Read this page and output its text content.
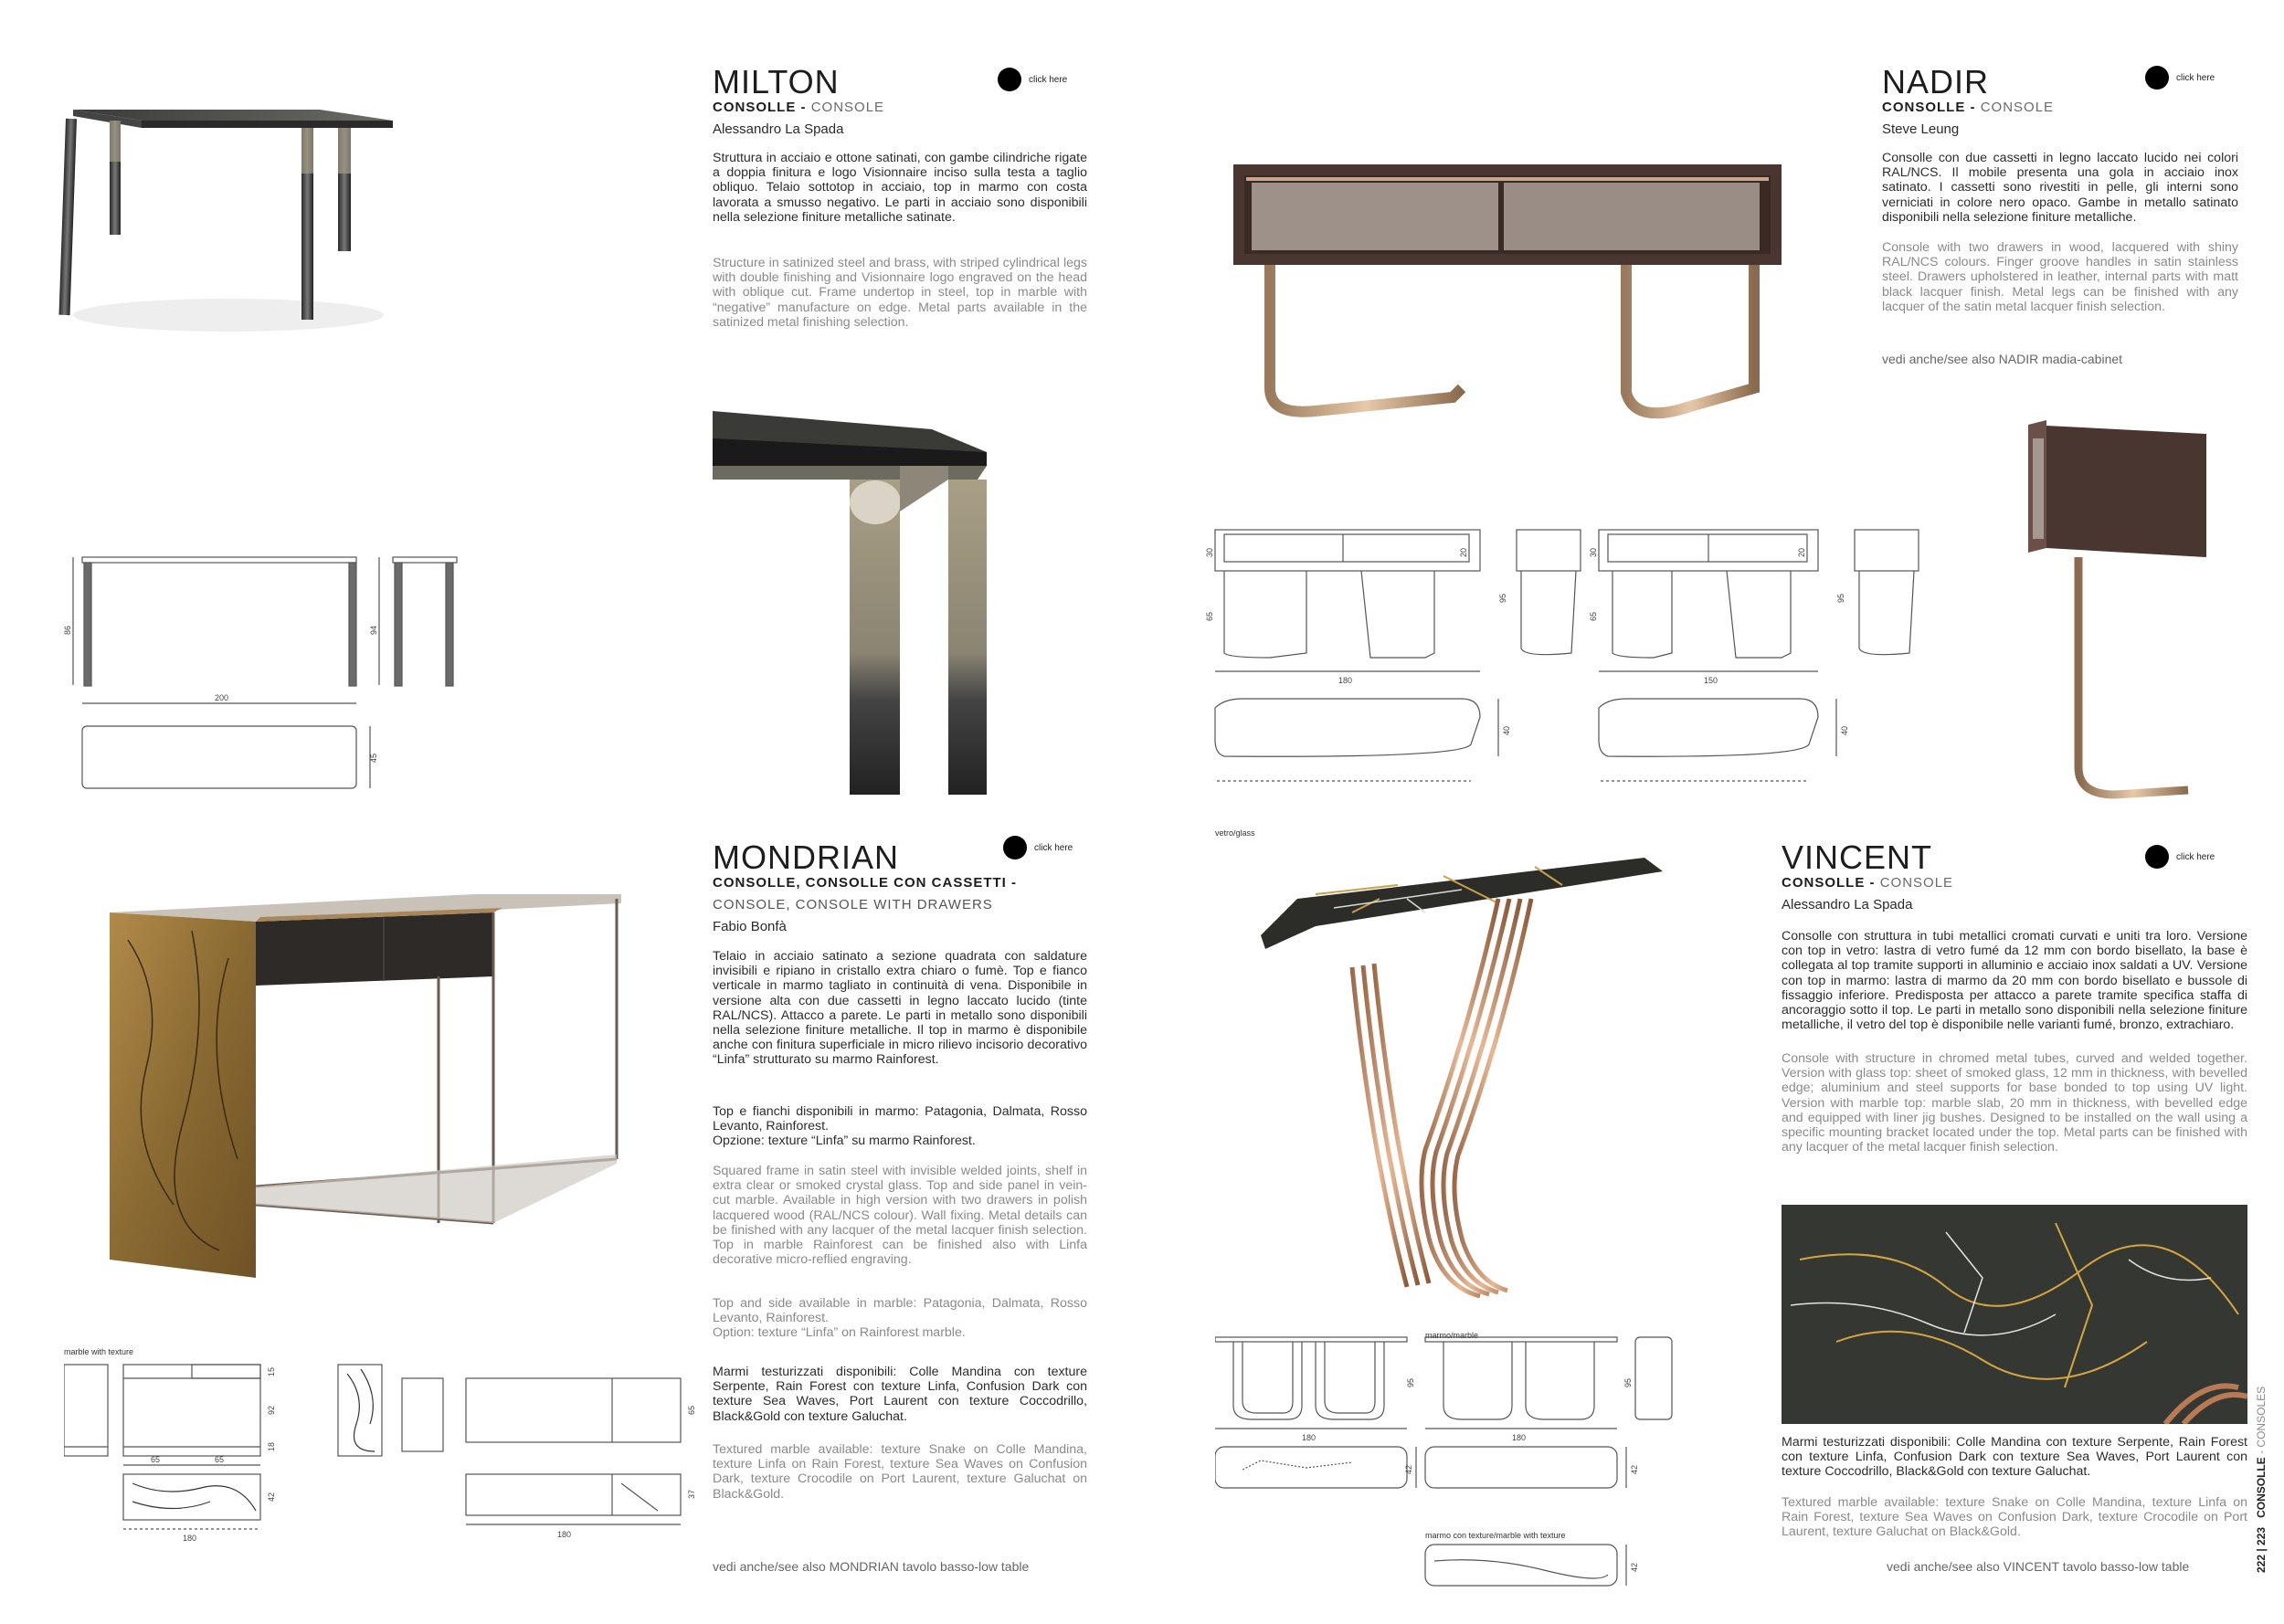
200
86	94
45
MILTON	click here
CONSOLLE - CONSOLE
Alessandro La Spada
Struttura in acciaio e ottone satinati, con gambe cilindriche rigate a doppia finitura e logo Visionnaire inciso sulla testa a taglio obliquo. Telaio sottotop in acciaio, top in marmo con costa lavorata a smusso negativo. Le parti in acciaio sono disponibili nella selezione finiture metalliche satinate.
Structure in satinized steel and brass, with striped cylindrical legs with double finishing and Visionnaire logo engraved on the head with oblique cut. Frame undertop in steel, top in marble with “negative” manufacture on edge. Metal parts available in the satinized metal finishing selection.
30	20
65
95
180
40
30	20
65
95
150
40
NADIR	click here
CONSOLLE - CONSOLE
Steve Leung
Consolle con due cassetti in legno laccato lucido nei colori RAL/NCS. Il mobile presenta una gola in acciaio inox satinato. I cassetti sono rivestiti in pelle, gli interni sono verniciati in colore nero opaco. Gambe in metallo satinato disponibili nella selezione finiture metalliche.
Console with two drawers in wood, lacquered with shiny RAL/NCS colours. Finger groove handles in satin stainless steel. Drawers upholstered in leather, internal parts with matt black lacquer finish. Metal legs can be finished with any lacquer of the satin metal lacquer finish selection.
vedi anche/see also NADIR madia-cabinet
marble with texture
15
92
18
65	65
42
180
65
37
180
MONDRIAN	click here
CONSOLLE, CONSOLLE CON CASSETTI -
CONSOLE, CONSOLE WITH DRAWERS
Fabio Bonfà
Telaio in acciaio satinato a sezione quadrata con saldature invisibili e ripiano in cristallo extra chiaro o fumè. Top e fianco verticale in marmo tagliato in continuità di vena. Disponibile in versione alta con due cassetti in legno laccato lucido (tinte RAL/NCS). Attacco a parete. Le parti in metallo sono disponibili nella selezione finiture metalliche. Il top in marmo è disponibile anche con finitura superficiale in micro rilievo incisorio decorativo “Linfa” strutturato su marmo Rainforest.
Top e fianchi disponibili in marmo: Patagonia, Dalmata, Rosso Levanto, Rainforest.
Opzione: texture “Linfa” su marmo Rainforest.
Squared frame in satin steel with invisible welded joints, shelf in extra clear or smoked crystal glass. Top and side panel in vein-cut marble. Available in high version with two drawers in polish lacquered wood (RAL/NCS colour). Wall fixing. Metal details can be finished with any lacquer of the metal lacquer finish selection. Top in marble Rainforest can be finished also with Linfa decorative micro-reflied engraving.
Top and side available in marble: Patagonia, Dalmata, Rosso Levanto, Rainforest.
Option: texture “Linfa” on Rainforest marble.
Marmi testurizzati disponibili: Colle Mandina con texture Serpente, Rain Forest con texture Linfa, Confusion Dark con texture Sea Waves, Port Laurent con texture Coccodrillo, Black&Gold con texture Galuchat.
Textured marble available: texture Snake on Colle Mandina, texture Linfa on Rain Forest, texture Sea Waves on Confusion Dark, texture Crocodile on Port Laurent, texture Galuchat on Black&Gold.
vedi anche/see also MONDRIAN tavolo basso-low table
vetro/glass
95	95
180	180
42	42
42
marmo/marble
marmo con texture/marble with texture
VINCENT	click here
CONSOLLE - CONSOLE
Alessandro La Spada
Consolle con struttura in tubi metallici cromati curvati e uniti tra loro. Versione con top in vetro: lastra di vetro fumé da 12 mm con bordo bisellato, la base è collegata al top tramite supporti in alluminio e acciaio inox saldati a UV. Versione con top in marmo: lastra di marmo da 20 mm con bordo bisellato e bussole di fissaggio inferiore. Predisposta per attacco a parete tramite specifica staffa di ancoraggio sotto il top. Le parti in metallo sono disponibili nella selezione finiture metalliche, il vetro del top è disponibile nelle varianti fumé, bronzo, extrachiaro.
Console with structure in chromed metal tubes, curved and welded together. Version with glass top: sheet of smoked glass, 12 mm in thickness, with bevelled edge; aluminium and steel supports for base bonded to top using UV light. Version with marble top: marble slab, 20 mm in thickness, with bevelled edge and equipped with liner jig bushes. Designed to be installed on the wall using a specific mounting bracket located under the top. Metal parts can be finished with any lacquer of the metal lacquer finish selection.
Marmi testurizzati disponibili: Colle Mandina con texture Serpente, Rain Forest con texture Linfa, Confusion Dark con texture Sea Waves, Port Laurent con texture Coccodrillo, Black&Gold con texture Galuchat.
Textured marble available: texture Snake on Colle Mandina, texture Linfa on Rain Forest, texture Sea Waves on Confusion Dark, texture Crocodile on Port Laurent, texture Galuchat on Black&Gold.
vedi anche/see also VINCENT tavolo basso-low table	222 | 223   CONSOLLE - CONSOLES
